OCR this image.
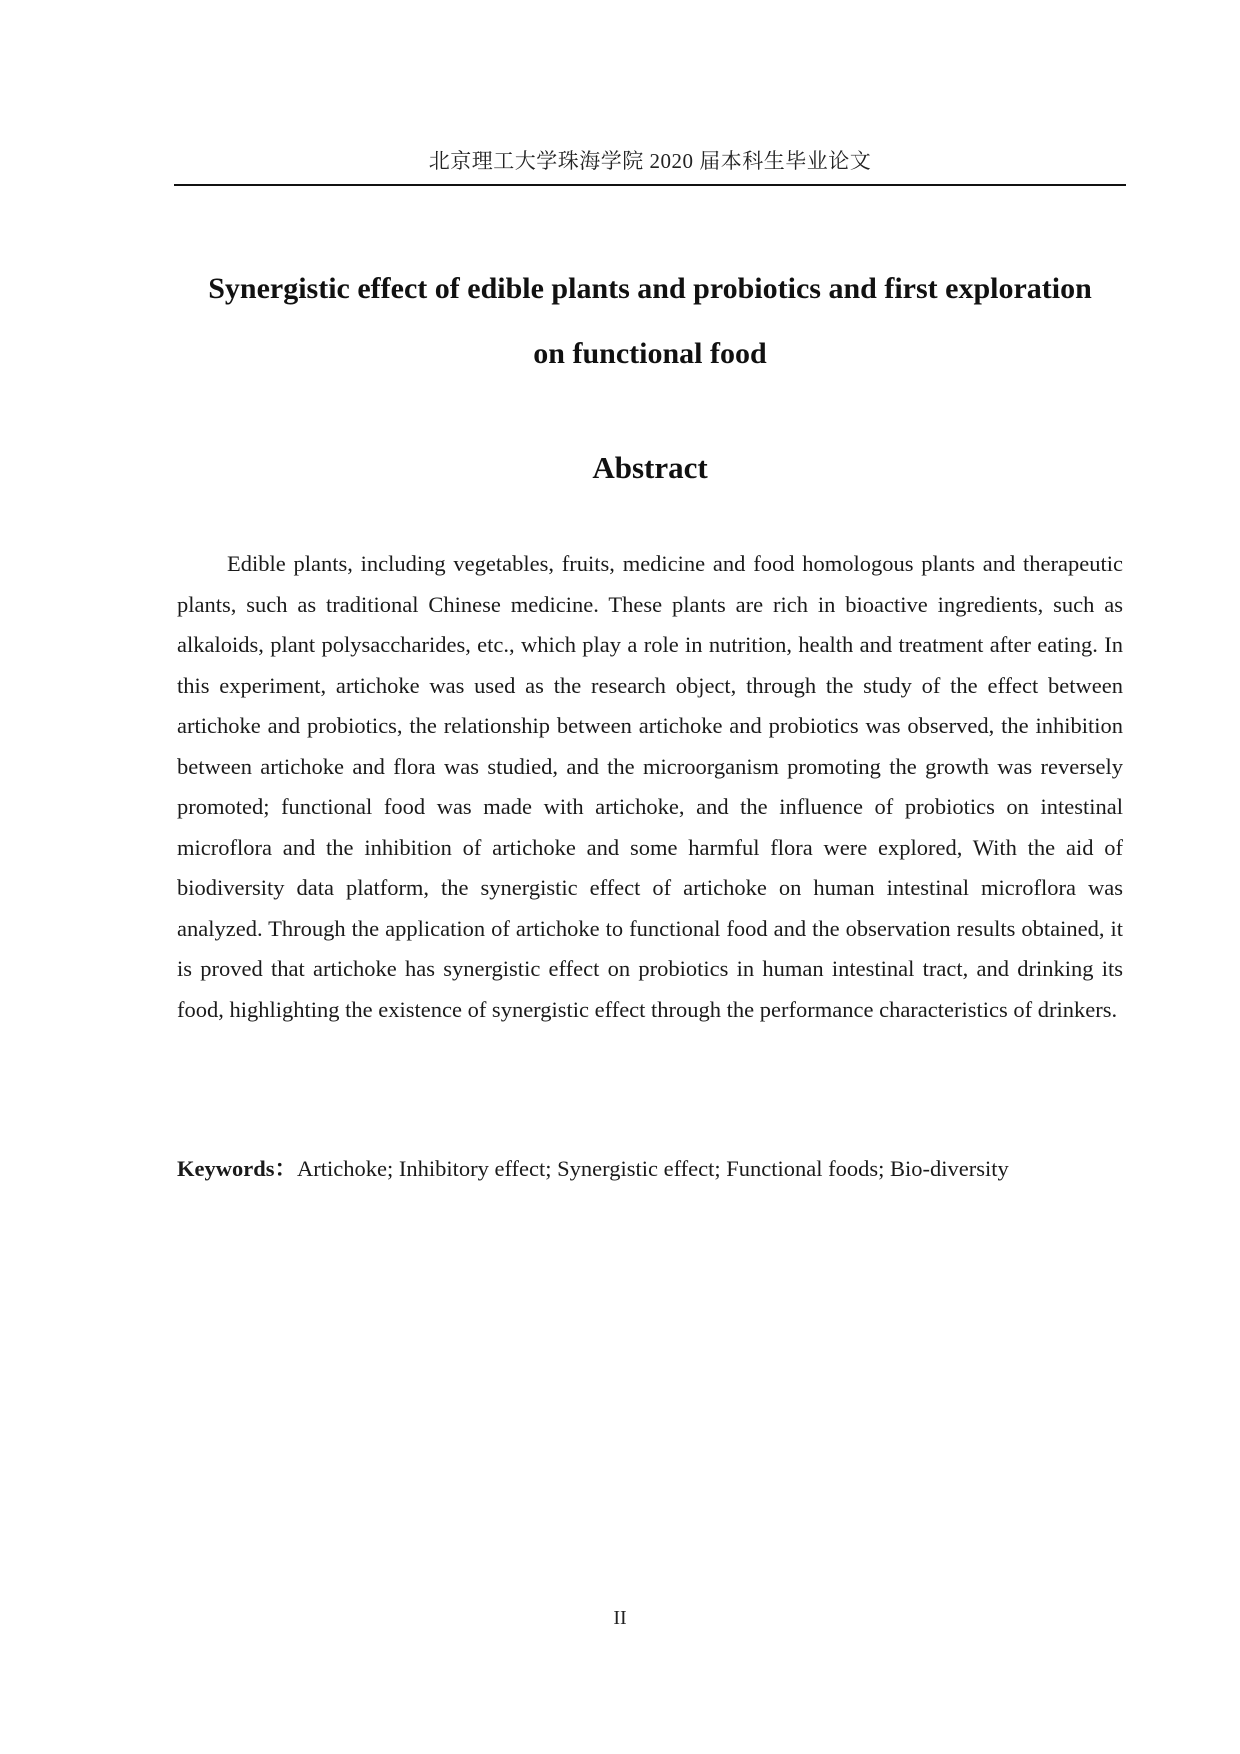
北京理工大学珠海学院 2020 届本科生毕业论文
Synergistic effect of edible plants and probiotics and first exploration
on functional food
Abstract

Edible plants, including vegetables, fruits, medicine and food homologous plants and therapeutic plants, such as traditional Chinese medicine. These plants are rich in bioactive ingredients, such as alkaloids, plant polysaccharides, etc., which play a role in nutrition, health and treatment after eating. In this experiment, artichoke was used as the research object, through the study of the effect between artichoke and probiotics, the relationship between artichoke and probiotics was observed, the inhibition between artichoke and flora was studied, and the microorganism promoting the growth was reversely promoted; functional food was made with artichoke, and the influence of probiotics on intestinal microflora and the inhibition of artichoke and some harmful flora were explored, With the aid of biodiversity data platform, the synergistic effect of artichoke on human intestinal microflora was analyzed. Through the application of artichoke to functional food and the observation results obtained, it is proved that artichoke has synergistic effect on probiotics in human intestinal tract, and drinking its food, highlighting the existence of synergistic effect through the performance characteristics of drinkers.

Keywords：Artichoke; Inhibitory effect; Synergistic effect; Functional foods; Bio-diversity
II
